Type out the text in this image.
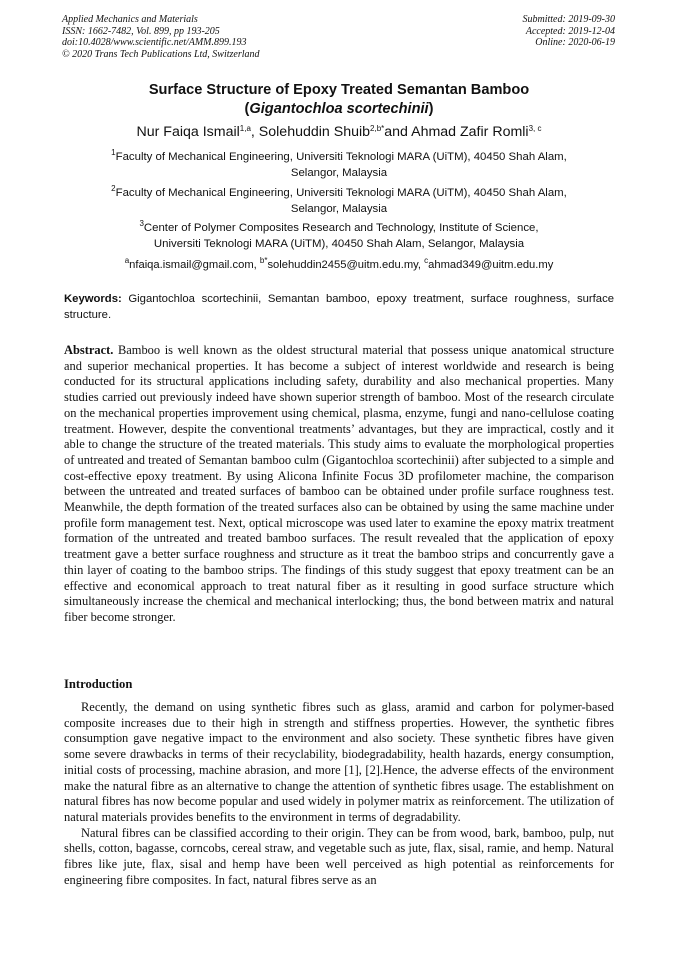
Applied Mechanics and Materials
ISSN: 1662-7482, Vol. 899, pp 193-205
doi:10.4028/www.scientific.net/AMM.899.193
© 2020 Trans Tech Publications Ltd, Switzerland
Submitted: 2019-09-30
Accepted: 2019-12-04
Online: 2020-06-19
Surface Structure of Epoxy Treated Semantan Bamboo
(Gigantochloa scortechinii)
Nur Faiqa Ismail$^{1,a}$, Solehuddin Shuib$^{2,b*}$and Ahmad Zafir Romli$^{3, c}$
$^1$Faculty of Mechanical Engineering, Universiti Teknologi MARA (UiTM), 40450 Shah Alam,
Selangor, Malaysia
$^2$Faculty of Mechanical Engineering, Universiti Teknologi MARA (UiTM), 40450 Shah Alam,
Selangor, Malaysia
$^3$Center of Polymer Composites Research and Technology, Institute of Science,
Universiti Teknologi MARA (UiTM), 40450 Shah Alam, Selangor, Malaysia
$^a$nfaiqa.ismail@gmail.com, $^{b*}$solehuddin2455@uitm.edu.my, $^c$ahmad349@uitm.edu.my
Keywords: Gigantochloa scortechinii, Semantan bamboo, epoxy treatment, surface roughness, surface structure.
Abstract. Bamboo is well known as the oldest structural material that possess unique anatomical structure and superior mechanical properties. It has become a subject of interest worldwide and research is being conducted for its structural applications including safety, durability and also mechanical properties. Many studies carried out previously indeed have shown superior strength of bamboo. Most of the research circulate on the mechanical properties improvement using chemical, plasma, enzyme, fungi and nano-cellulose coating treatment. However, despite the conventional treatments’ advantages, but they are impractical, costly and it able to change the structure of the treated materials. This study aims to evaluate the morphological properties of untreated and treated of Semantan bamboo culm (Gigantochloa scortechinii) after subjected to a simple and cost-effective epoxy treatment. By using Alicona Infinite Focus 3D profilometer machine, the comparison between the untreated and treated surfaces of bamboo can be obtained under profile surface roughness test. Meanwhile, the depth formation of the treated surfaces also can be obtained by using the same machine under profile form management test. Next, optical microscope was used later to examine the epoxy matrix treatment formation of the untreated and treated bamboo surfaces. The result revealed that the application of epoxy treatment gave a better surface roughness and structure as it treat the bamboo strips and concurrently gave a thin layer of coating to the bamboo strips. The findings of this study suggest that epoxy treatment can be an effective and economical approach to treat natural fiber as it resulting in good surface structure which simultaneously increase the chemical and mechanical interlocking; thus, the bond between matrix and natural fiber become stronger.
Introduction

Recently, the demand on using synthetic fibres such as glass, aramid and carbon for polymer-based composite increases due to their high in strength and stiffness properties. However, the synthetic fibres consumption gave negative impact to the environment and also society. These synthetic fibres have given some severe drawbacks in terms of their recyclability, biodegradability, health hazards, energy consumption, initial costs of processing, machine abrasion, and more [1], [2].Hence, the adverse effects of the environment make the natural fibre as an alternative to change the attention of synthetic fibres usage. The establishment on natural fibres has now become popular and used widely in polymer matrix as reinforcement. The utilization of natural materials provides benefits to the environment in terms of degradability.

Natural fibres can be classified according to their origin. They can be from wood, bark, bamboo, pulp, nut shells, cotton, bagasse, corncobs, cereal straw, and vegetable such as jute, flax, sisal, ramie, and hemp. Natural fibres like jute, flax, sisal and hemp have been well perceived as high potential as reinforcements for engineering fibre composites. In fact, natural fibres serve as an
